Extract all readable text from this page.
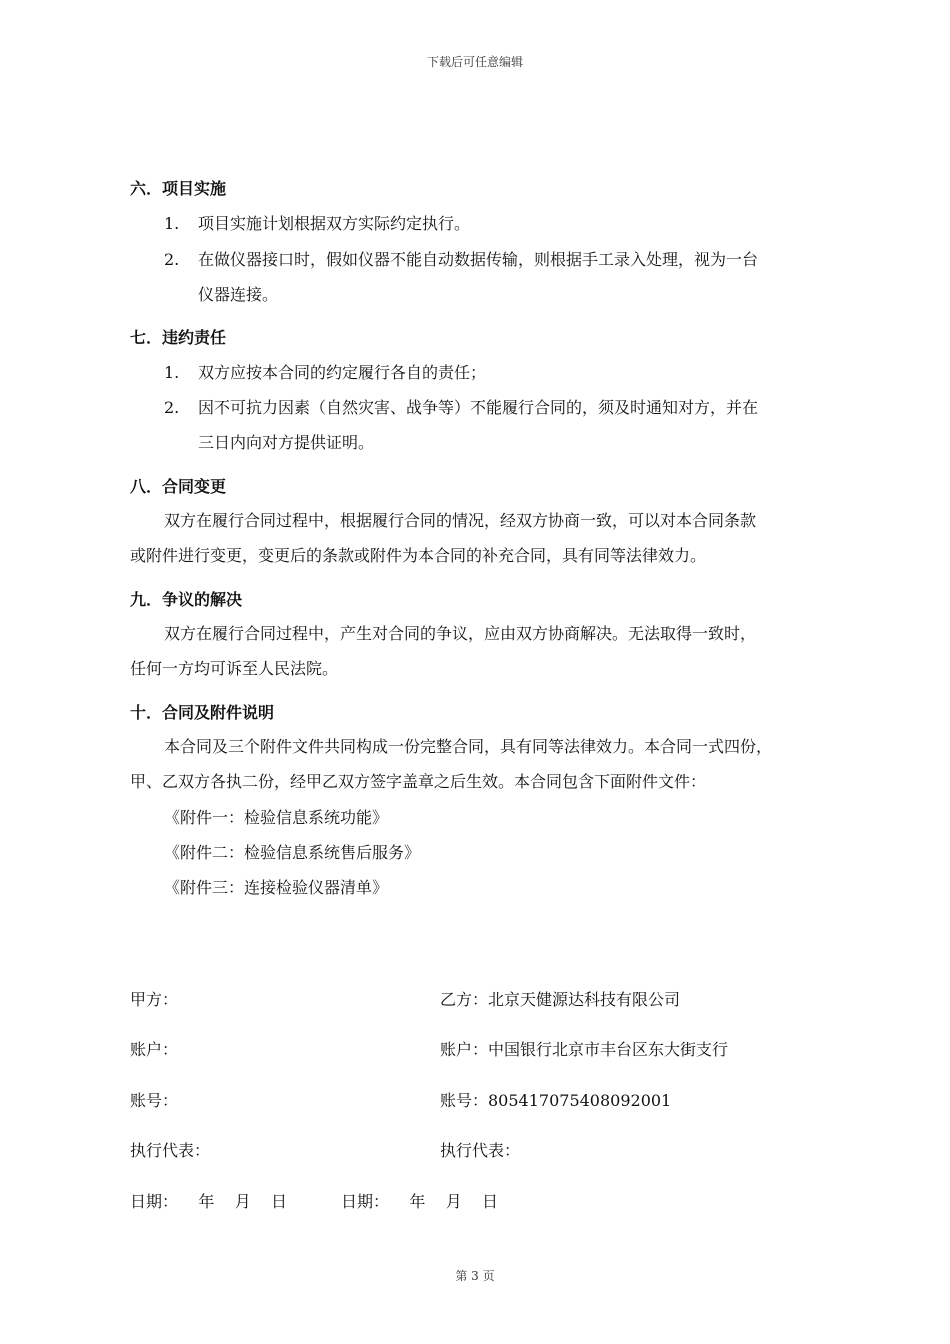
下载后可任意编辑
六．项目实施
1. 项目实施计划根据双方实际约定执行。
2. 在做仪器接口时，假如仪器不能自动数据传输，则根据手工录入处理，视为一台
仪器连接。
七．违约责任
1. 双方应按本合同的约定履行各自的责任；
2. 因不可抗力因素（自然灾害、战争等）不能履行合同的，须及时通知对方，并在
三日内向对方提供证明。
八．合同变更
双方在履行合同过程中，根据履行合同的情况，经双方协商一致，可以对本合同条款
或附件进行变更，变更后的条款或附件为本合同的补充合同，具有同等法律效力。
九．争议的解决
双方在履行合同过程中，产生对合同的争议，应由双方协商解决。无法取得一致时，
任何一方均可诉至人民法院。
十．合同及附件说明
本合同及三个附件文件共同构成一份完整合同，具有同等法律效力。本合同一式四份，
甲、乙双方各执二份，经甲乙双方签字盖章之后生效。本合同包含下面附件文件：
《附件一：检验信息系统功能》
《附件二：检验信息系统售后服务》
《附件三：连接检验仪器清单》
甲方：	乙方：北京天健源达科技有限公司
账户：	账户：中国银行北京市丰台区东大街支行
账号：	账号：805417075408092001
执行代表：	执行代表：
日期：    年    月    日	日期：    年    月    日
第 3 页
